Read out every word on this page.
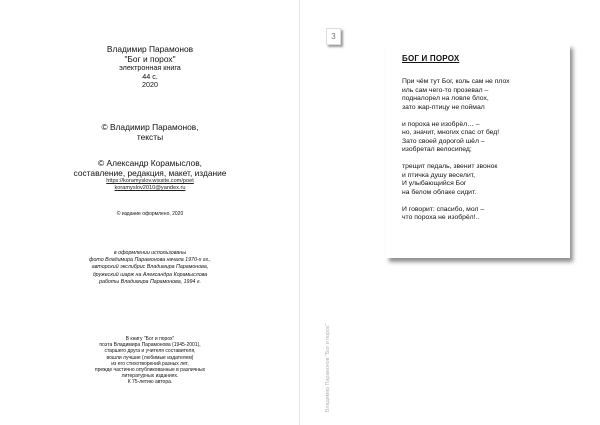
Владимир Парамонов

"Бог и порох"

электронная книга

44 с.

2020

© Владимир Парамонов,

тексты

© Александр Корамыслов,

составление, редакция, макет, издание

https://koramyslov.wixsite.com/poet

koramyslov2010@yandex.ru

© издание оформлено, 2020

в оформлении использованы

фото Владимира Парамонова начала 1970-х гг.,

авторский экслибрис Владимира Парамонова,

дружеский шарж на Александра Корамыслова

работы Владимира Парамонова, 1994 г.

В книгу "Бог и порох"

поэта Владимира Парамонова (1945-2001),

старшего друга и учителя составителя,

вошли лучшие (любимые издателем)

из его стихотворений разных лет,

прежде частично опубликованные в различных

литературных изданиях.

К 75-летию автора.

3

БОГ И ПОРОХ

При чём тут Бог, коль сам не плох

иль сам чего-то прозевал –

подналорел на ловле блох,

зато жар-птицу не поймал

и пороха не изобрёл… –

но, значит, многих спас от бед!

Зато своей дорогой шёл –

изобретал велосипед;

трещит педаль, звенит звонок

и птичка душу веселит,

И улыбающийся Бог

на белом облаке сидит.

И говорит: спасибо, мол –

что пороха не изобрёл!..

Владимир Парамонов "Бог и порох"
